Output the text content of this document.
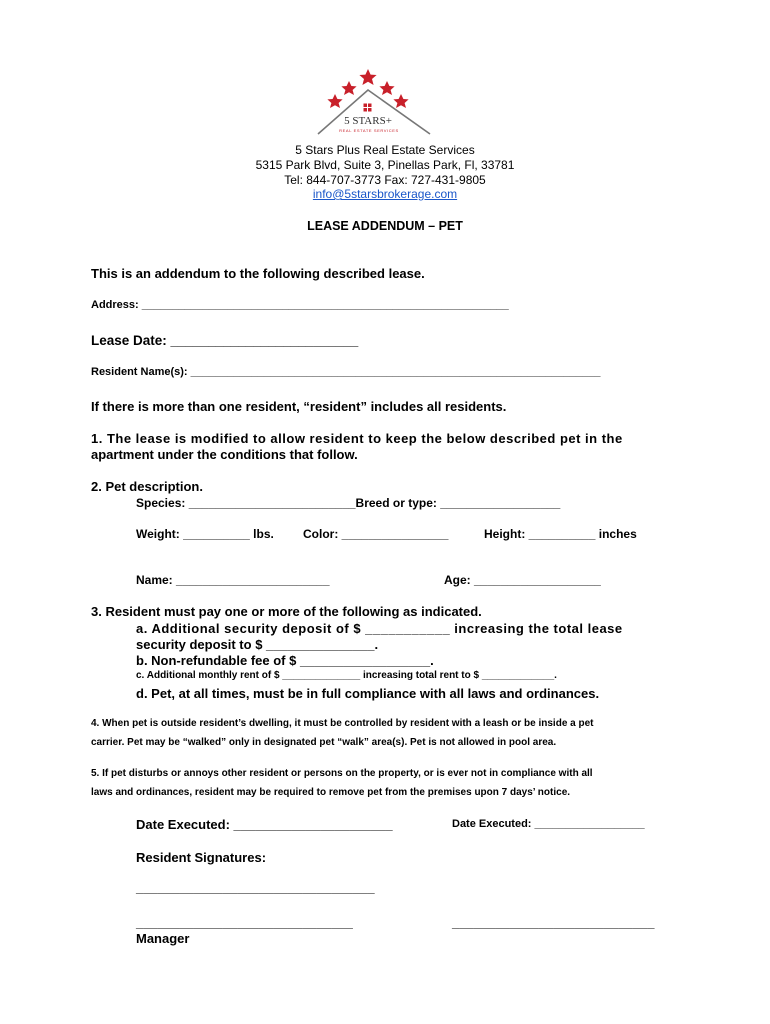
5 STARS+
REAL ESTATE SERVICES
5 Stars Plus Real Estate Services
5315 Park Blvd, Suite 3, Pinellas Park, Fl, 33781
Tel: 844-707-3773 Fax: 727-431-9805
info@5starsbrokerage.com
LEASE ADDENDUM – PET
This is an addendum to the following described lease.
Address: ____________________________________________________________
Lease Date: _________________________
Resident Name(s): ___________________________________________________________________
If there is more than one resident, “resident” includes all residents.
1. The lease is modified to allow resident to keep the below described pet in the
apartment under the conditions that follow.
2. Pet description.
Species: _________________________Breed or type: __________________
Weight: __________ lbs. Color: ________________	Height: __________ inches
Name: _______________________	Age: ___________________
3. Resident must pay one or more of the following as indicated.
a. Additional security deposit of $ ___________ increasing the total lease
security deposit to $ _______________.
b. Non-refundable fee of $ __________________.
c. Additional monthly rent of $ ______________ increasing total rent to $ _____________.
d. Pet, at all times, must be in full compliance with all laws and ordinances.
4. When pet is outside resident’s dwelling, it must be controlled by resident with a leash or be inside a pet
carrier. Pet may be “walked” only in designated pet “walk” area(s). Pet is not allowed in pool area.
5. If pet disturbs or annoys other resident or persons on the property, or is ever not in compliance with all
laws and ordinances, resident may be required to remove pet from the premises upon 7 days’ notice.
Date Executed: ______________________	Date Executed: __________________
Resident Signatures:
_________________________________
______________________________	____________________________
Manager
